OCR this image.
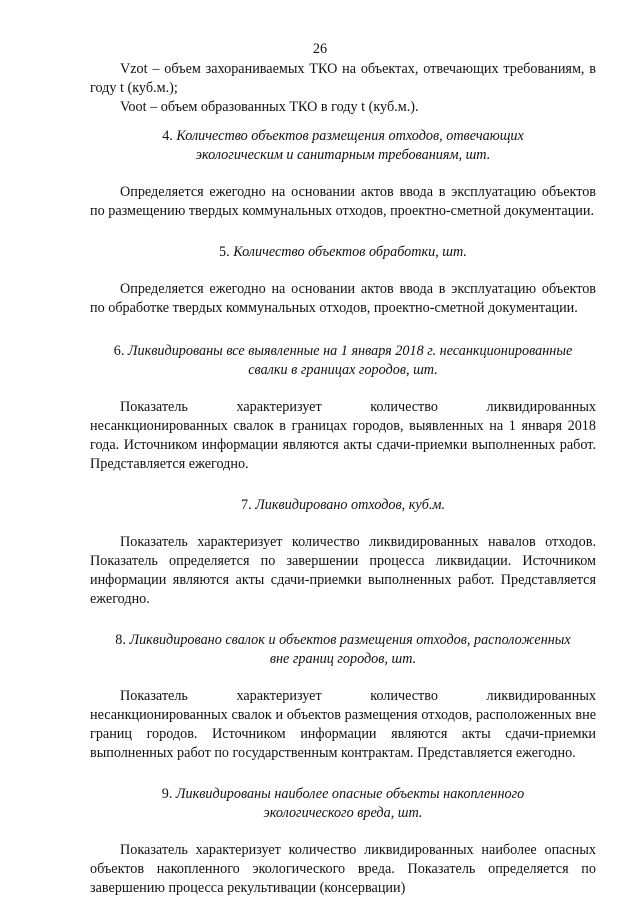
26

Vzot – объем захораниваемых ТКО на объектах, отвечающих требованиям, в году t (куб.м.);

Voot – объем образованных ТКО в году t (куб.м.).

4. Количество объектов размещения отходов, отвечающих
экологическим и санитарным требованиям, шт.

Определяется ежегодно на основании актов ввода в эксплуатацию объектов по размещению твердых коммунальных отходов, проектно-сметной документации.

5. Количество объектов обработки, шт.

Определяется ежегодно на основании актов ввода в эксплуатацию объектов по обработке твердых коммунальных отходов, проектно-сметной документации.

6. Ликвидированы все выявленные на 1 января 2018 г. несанкционированные
свалки в границах городов, шт.

Показатель характеризует количество ликвидированных несанкционированных свалок в границах городов, выявленных на 1 января 2018 года. Источником информации являются акты сдачи-приемки выполненных работ. Представляется ежегодно.

7. Ликвидировано отходов, куб.м.

Показатель характеризует количество ликвидированных навалов отходов. Показатель определяется по завершении процесса ликвидации. Источником информации являются акты сдачи-приемки выполненных работ. Представляется ежегодно.

8. Ликвидировано свалок и объектов размещения отходов, расположенных
вне границ городов, шт.

Показатель характеризует количество ликвидированных несанкционированных свалок и объектов размещения отходов, расположенных вне границ городов. Источником информации являются акты сдачи-приемки выполненных работ по государственным контрактам. Представляется ежегодно.

9. Ликвидированы наиболее опасные объекты накопленного
экологического вреда, шт.

Показатель характеризует количество ликвидированных наиболее опасных объектов накопленного экологического вреда. Показатель определяется по завершению процесса рекультивации (консервации)
